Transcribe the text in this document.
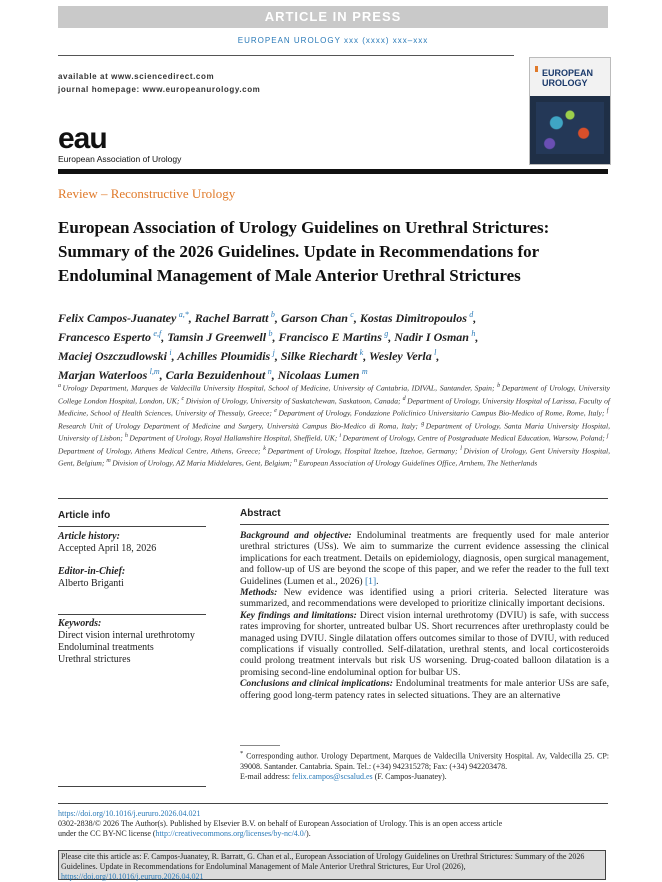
ARTICLE IN PRESS
EUROPEAN UROLOGY xxx (xxxx) xxx–xxx
available at www.sciencedirect.com
journal homepage: www.europeanurology.com
EUROPEAN
UROLOGY
eau
European Association of Urology
Review – Reconstructive Urology
European Association of Urology Guidelines on Urethral Strictures: Summary of the 2026 Guidelines. Update in Recommendations for Endoluminal Management of Male Anterior Urethral Strictures
Felix Campos-Juanatey  $^{a,*}$, Rachel Barratt  $^b$, Garson Chan  $^c$, Kostas Dimitropoulos  $^d$,
Francesco Esperto  $^{e,f}$, Tamsin J Greenwell  $^b$, Francisco E Martins  $^g$, Nadir I Osman  $^h$,
Maciej Oszczudlowski  $^i$, Achilles Ploumidis  $^j$, Silke Riechardt  $^k$, Wesley Verla  $^l$,
Marjan Waterloos  $^{l,m}$, Carla Bezuidenhout  $^n$, Nicolaas Lumen  $^m$
$^a$  Urology Department, Marques de Valdecilla University Hospital, School of Medicine, University of Cantabria, IDIVAL, Santander, Spain; $^b$  Department of Urology, University College London Hospital, London, UK; $^c$  Division of Urology, University of Saskatchewan, Saskatoon, Canada; $^d$  Department of Urology, University Hospital of Larissa, Faculty of Medicine, School of Health Sciences, University of Thessaly, Greece; $^e$  Department of Urology, Fondazione Policlinico Universitario Campus Bio-Medico of Rome, Rome, Italy; $^f$ Research Unit of Urology Department of Medicine and Surgery, Università Campus Bio-Medico di Roma, Italy; $^g$  Department of Urology, Santa Maria University Hospital, University of Lisbon; $^h$  Department of Urology, Royal Hallamshire Hospital, Sheffield, UK; $^i$  Department of Urology, Centre of Postgraduate Medical Education, Warsow, Poland; $^j$ Department of Urology, Athens Medical Centre, Athens, Greece; $^k$  Department of Urology, Hospital Itzehoe, Itzehoe, Germany; $^l$  Division of Urology, Gent University Hospital, Gent, Belgium; $^m$  Division of Urology, AZ Maria Middelares, Gent, Belgium; $^n$  European Association of Urology Guidelines Office, Arnhem, The Netherlands
Article info
Article history:
Accepted April 18, 2026
Editor-in-Chief:
Alberto Briganti
Keywords:
Direct vision internal urethrotomy
Endoluminal treatments
Urethral strictures
Abstract

Background and objective: Endoluminal treatments are frequently used for male anterior urethral strictures (USs). We aim to summarize the current evidence assessing the clinical implications for each treatment. Details on epidemiology, diagnosis, open surgical management, and follow-up of US are beyond the scope of this paper, and we refer the reader to the full text Guidelines (Lumen et al., 2026) [1].

Methods: New evidence was identified using a priori criteria. Selected literature was summarized, and recommendations were developed to prioritize clinically important decisions.

Key findings and limitations: Direct vision internal urethrotomy (DVIU) is safe, with success rates improving for shorter, untreated bulbar US. Short recurrences after urethroplasty could be managed using DVIU. Single dilatation offers outcomes similar to those of DVIU, with reduced complications if visually controlled. Self-dilatation, urethral stents, and local corticosteroids could prolong treatment intervals but risk US worsening. Drug-coated balloon dilatation is a promising second-line endoluminal option for bulbar US.

Conclusions and clinical implications: Endoluminal treatments for male anterior USs are safe, offering good long-term patency rates in selected situations. They are an alternative

* Corresponding author. Urology Department, Marques de Valdecilla University Hospital. Av, Valdecilla 25. CP: 39008. Santander. Cantabria. Spain. Tel.: (+34) 942315278; Fax: (+34) 942203478.
E-mail address: felix.campos@scsalud.es (F. Campos-Juanatey).
https://doi.org/10.1016/j.eururo.2026.04.021
0302-2838/© 2026 The Author(s). Published by Elsevier B.V. on behalf of European Association of Urology. This is an open access article
under the CC BY-NC license (http://creativecommons.org/licenses/by-nc/4.0/).
Please cite this article as: F. Campos-Juanatey, R. Barratt, G. Chan et al., European Association of Urology Guidelines on Urethral Strictures: Summary of the 2026 Guidelines. Update in Recommendations for Endoluminal Management of Male Anterior Urethral Strictures, Eur Urol (2026), https://doi.org/10.1016/j.eururo.2026.04.021
